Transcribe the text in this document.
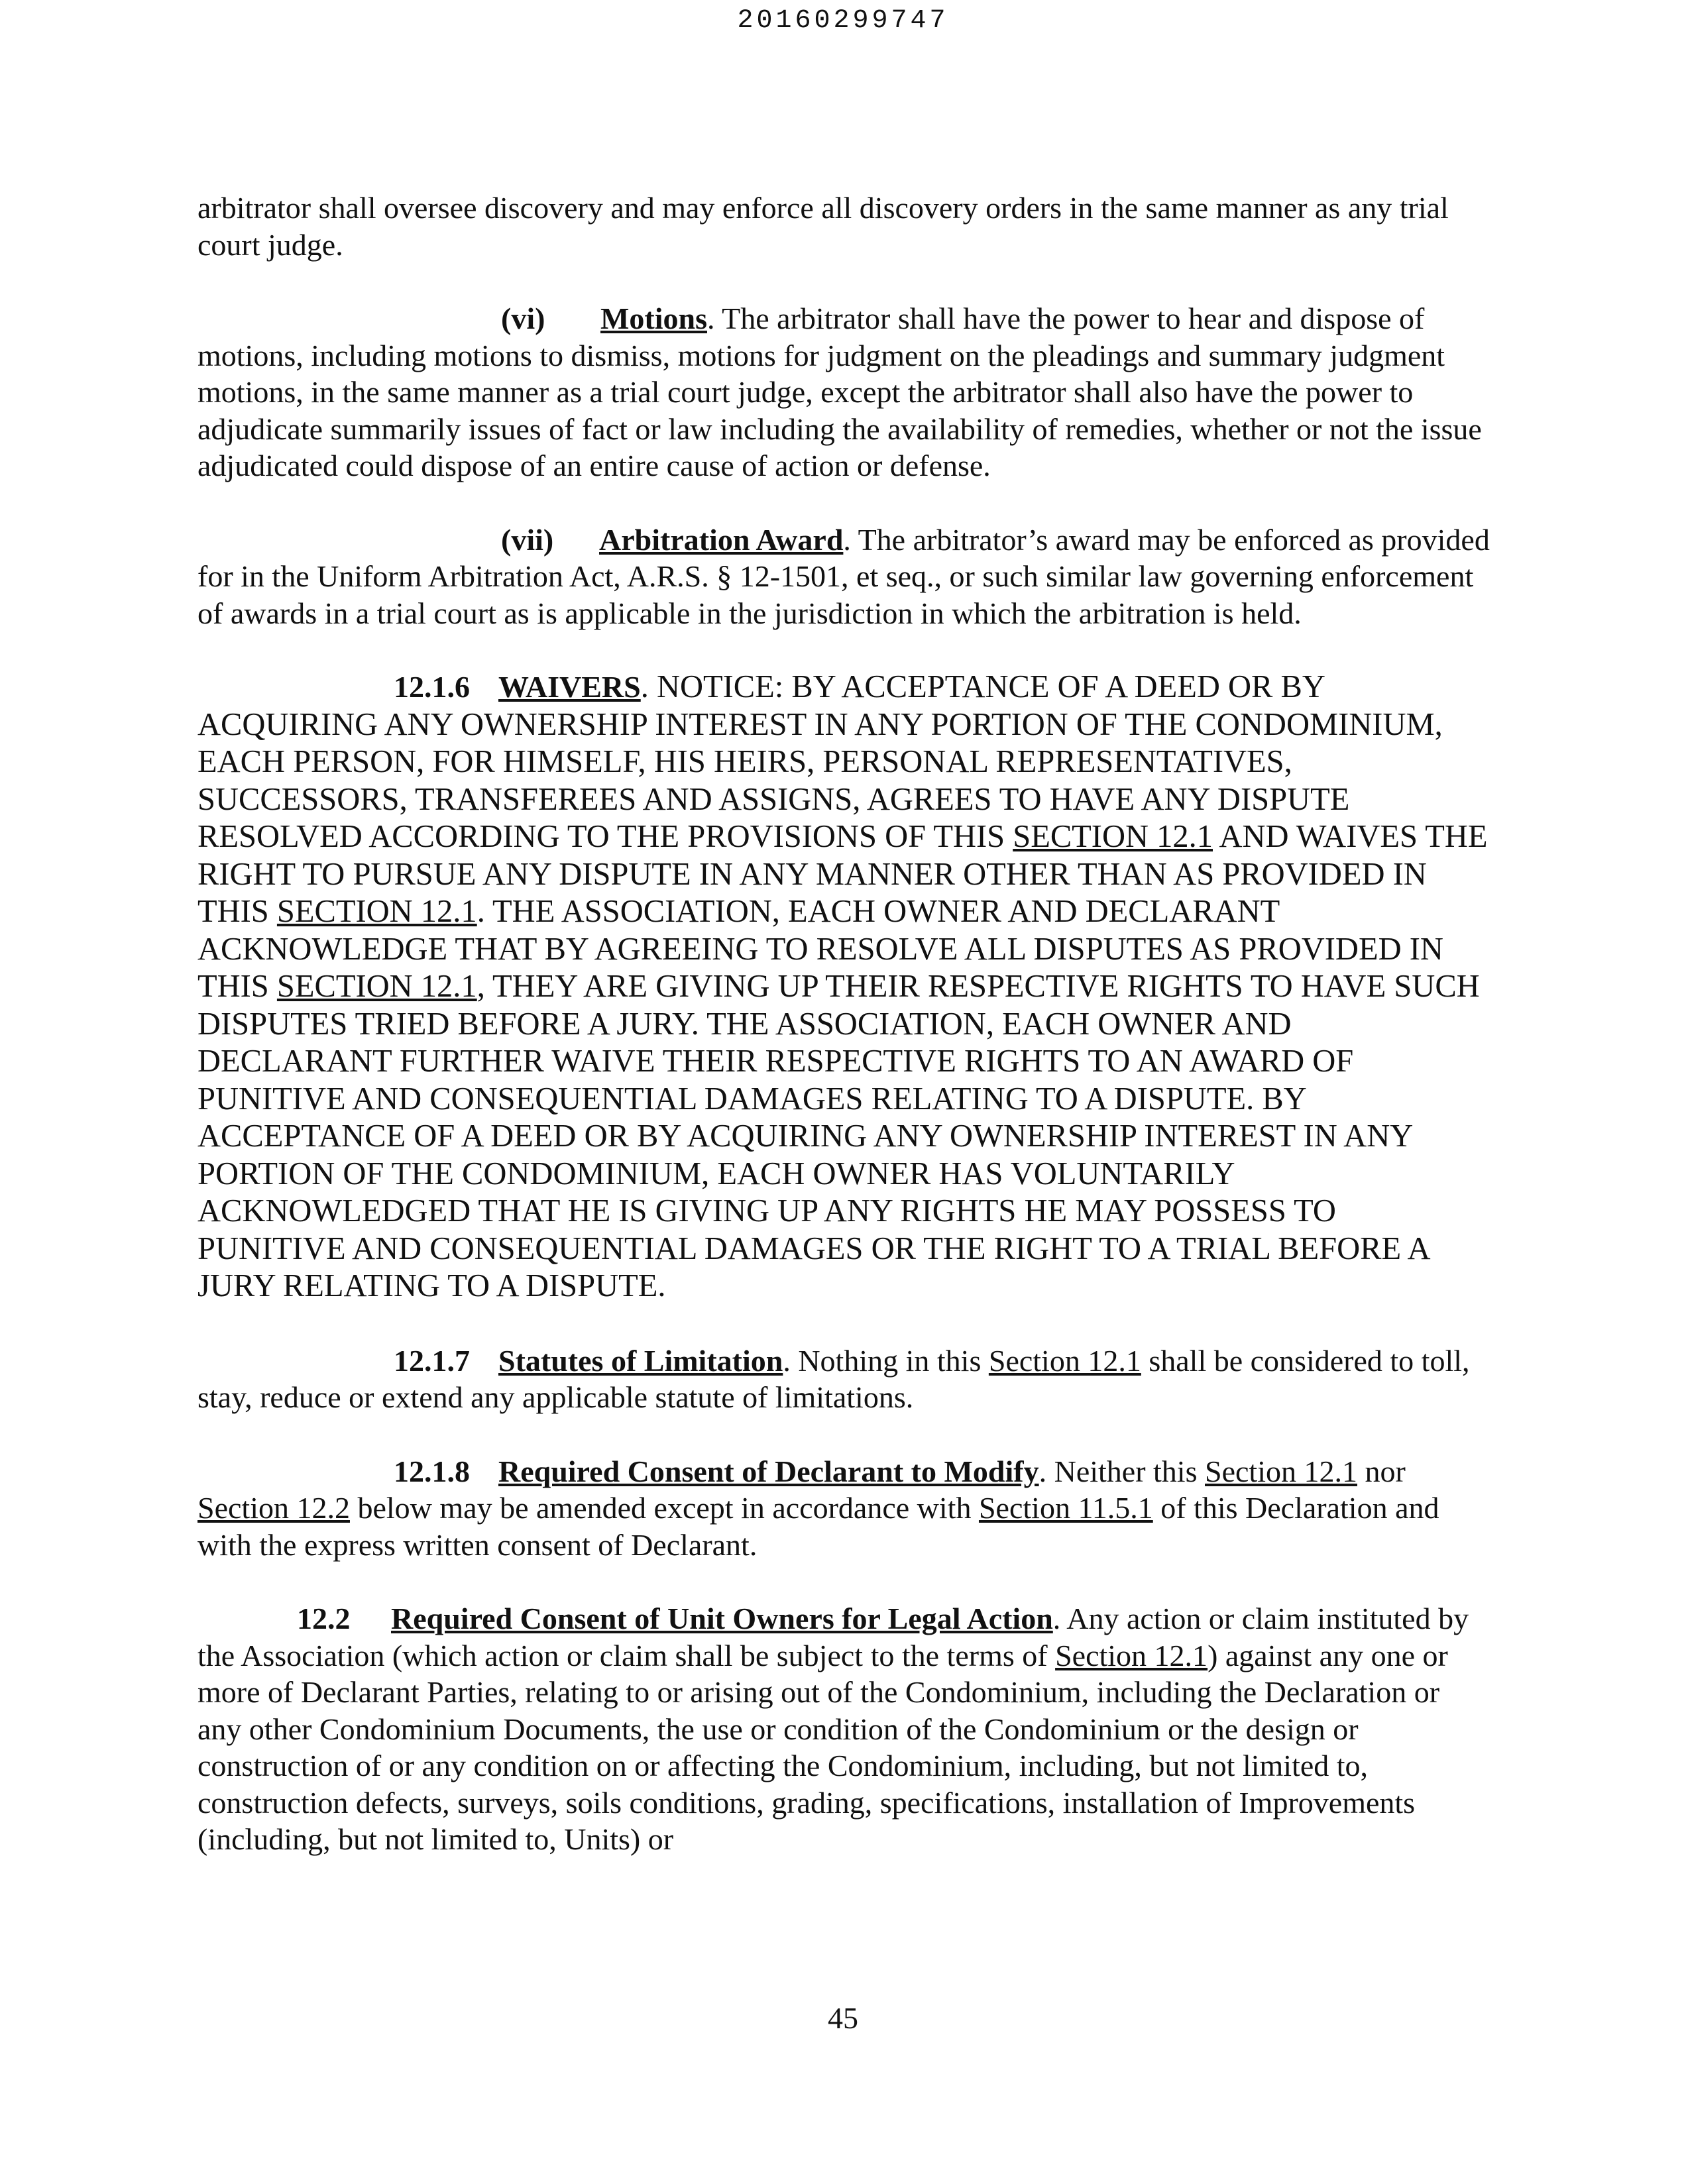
20160299747

arbitrator shall oversee discovery and may enforce all discovery orders in the same manner as any trial court judge.

(vi) Motions. The arbitrator shall have the power to hear and dispose of motions, including motions to dismiss, motions for judgment on the pleadings and summary judgment motions, in the same manner as a trial court judge, except the arbitrator shall also have the power to adjudicate summarily issues of fact or law including the availability of remedies, whether or not the issue adjudicated could dispose of an entire cause of action or defense.

(vii) Arbitration Award. The arbitrator’s award may be enforced as provided for in the Uniform Arbitration Act, A.R.S. § 12-1501, et seq., or such similar law governing enforcement of awards in a trial court as is applicable in the jurisdiction in which the arbitration is held.

12.1.6 WAIVERS. NOTICE: BY ACCEPTANCE OF A DEED OR BY ACQUIRING ANY OWNERSHIP INTEREST IN ANY PORTION OF THE CONDOMINIUM, EACH PERSON, FOR HIMSELF, HIS HEIRS, PERSONAL REPRESENTATIVES, SUCCESSORS, TRANSFEREES AND ASSIGNS, AGREES TO HAVE ANY DISPUTE RESOLVED ACCORDING TO THE PROVISIONS OF THIS SECTION 12.1 AND WAIVES THE RIGHT TO PURSUE ANY DISPUTE IN ANY MANNER OTHER THAN AS PROVIDED IN THIS SECTION 12.1. THE ASSOCIATION, EACH OWNER AND DECLARANT ACKNOWLEDGE THAT BY AGREEING TO RESOLVE ALL DISPUTES AS PROVIDED IN THIS SECTION 12.1, THEY ARE GIVING UP THEIR RESPECTIVE RIGHTS TO HAVE SUCH DISPUTES TRIED BEFORE A JURY. THE ASSOCIATION, EACH OWNER AND DECLARANT FURTHER WAIVE THEIR RESPECTIVE RIGHTS TO AN AWARD OF PUNITIVE AND CONSEQUENTIAL DAMAGES RELATING TO A DISPUTE. BY ACCEPTANCE OF A DEED OR BY ACQUIRING ANY OWNERSHIP INTEREST IN ANY PORTION OF THE CONDOMINIUM, EACH OWNER HAS VOLUNTARILY ACKNOWLEDGED THAT HE IS GIVING UP ANY RIGHTS HE MAY POSSESS TO PUNITIVE AND CONSEQUENTIAL DAMAGES OR THE RIGHT TO A TRIAL BEFORE A JURY RELATING TO A DISPUTE.

12.1.7 Statutes of Limitation. Nothing in this Section 12.1 shall be considered to toll, stay, reduce or extend any applicable statute of limitations.

12.1.8 Required Consent of Declarant to Modify. Neither this Section 12.1 nor Section 12.2 below may be amended except in accordance with Section 11.5.1 of this Declaration and with the express written consent of Declarant.

12.2 Required Consent of Unit Owners for Legal Action. Any action or claim instituted by the Association (which action or claim shall be subject to the terms of Section 12.1) against any one or more of Declarant Parties, relating to or arising out of the Condominium, including the Declaration or any other Condominium Documents, the use or condition of the Condominium or the design or construction of or any condition on or affecting the Condominium, including, but not limited to, construction defects, surveys, soils conditions, grading, specifications, installation of Improvements (including, but not limited to, Units) or

45
